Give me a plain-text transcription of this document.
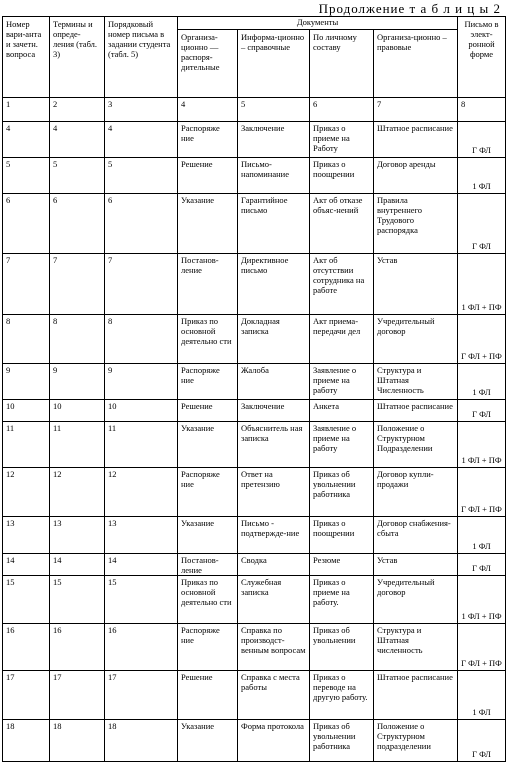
Продолжение т а б л и ц ы 2
Номер вари-анта и зачетн. вопроса	Термины и опреде-ления (табл. 3)	Порядковый номер письма в задании студента (табл. 5)	Документы				Письмо в элект-ронной форме
			Организа-ционно — распоря-дительные	Информа-ционно – справочные	По личному составу	Организа-ционно – правовые	
1	2	3	4	5	6	7	8
4	4	4	Распоряже ние	Заключение	Приказ о приеме на Работу	Штатное расписание	Г ФЛ
5	5	5	Решение	Письмо-напоминание	Приказ о поощрении	Договор аренды	1 ФЛ
6	6	6	Указание	Гарантийное письмо	Акт об отказе объяс-нений	Правила внутреннего Трудового распорядка	Г ФЛ
7	7	7	Постанов-ление	Директивное письмо	Акт об отсутствии сотрудника на работе	Устав	1 ФЛ + ПФ
8	8	8	Приказ по основной деятельно сти	Докладная записка	Акт приема-передачи дел	Учредительный договор	Г ФЛ + ПФ
9	9	9	Распоряже ние	Жалоба	Заявление о приеме на работу	Структура и Штатная Численность	1 ФЛ
10	10	10	Решение	Заключение	Анкета	Штатное расписание	Г ФЛ
11	11	11	Указание	Объяснитель ная записка	Заявление о приеме на работу	Положение о Структурном Подразделении	1 ФЛ + ПФ
12	12	12	Распоряже ние	Ответ на претензию	Приказ об увольнении работника	Договор купли-продажи	Г ФЛ + ПФ
13	13	13	Указание	Письмо - подтвержде-ние	Приказ о поощрении	Договор снабжения-сбыта	1 ФЛ
14	14	14	Постанов-ление	Сводка	Резюме	Устав	Г ФЛ
15	15	15	Приказ по основной деятельно сти	Служебная записка	Приказ о приеме на работу.	Учредительный договор	1 ФЛ + ПФ
16	16	16	Распоряже ние	Справка по производст-венным вопросам	Приказ об увольнении	Структура и Штатная численность	Г ФЛ + ПФ
17	17	17	Решение	Справка с места работы	Приказ о переводе на другую работу.	Штатное расписание	1 ФЛ
18	18	18	Указание	Форма протокола	Приказ об увольнении работника	Положение о Структурном подразделении	Г ФЛ
